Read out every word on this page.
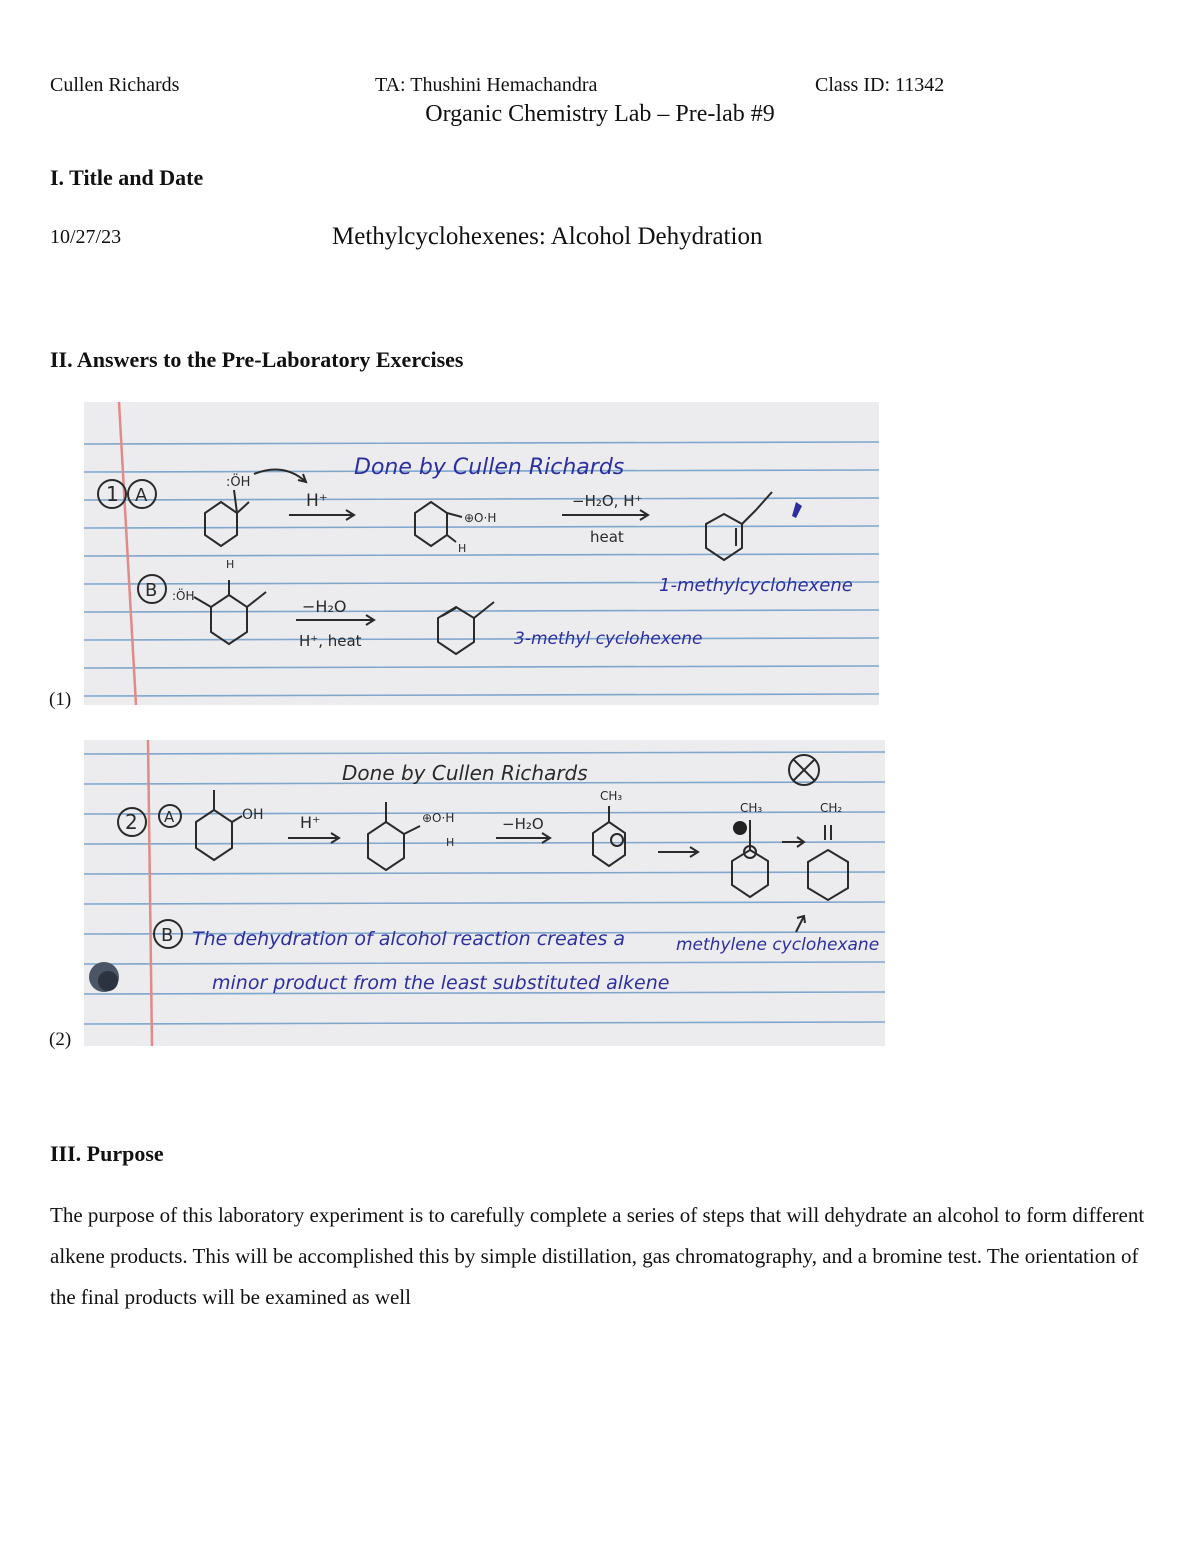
Cullen Richards	TA: Thushini Hemachandra	Class ID: 11342
Organic Chemistry Lab – Pre-lab #9
I. Title and Date
10/27/23	Methylcyclohexenes: Alcohol Dehydration
II. Answers to the Pre-Laboratory Exercises
1 A
B
Done by Cullen Richards
:ÖH
H⁺
⊕O·H
H
−H₂O, H⁺
heat
1-methylcyclohexene
H
:ÖH
−H₂O
H⁺, heat	3-methyl cyclohexene
(1)
Done by Cullen Richards
2 A
B
OH H⁺	⊕O·H
H
−H₂O
CH₃
CH₃	CH₂
methylene cyclohexane
The dehydration of alcohol reaction creates a
minor product from the least substituted alkene
(2)
III. Purpose
The purpose of this laboratory experiment is to carefully complete a series of steps that will dehydrate an alcohol to form different alkene products. This will be accomplished this by simple distillation, gas chromatography, and a bromine test. The orientation of the final products will be examined as well
